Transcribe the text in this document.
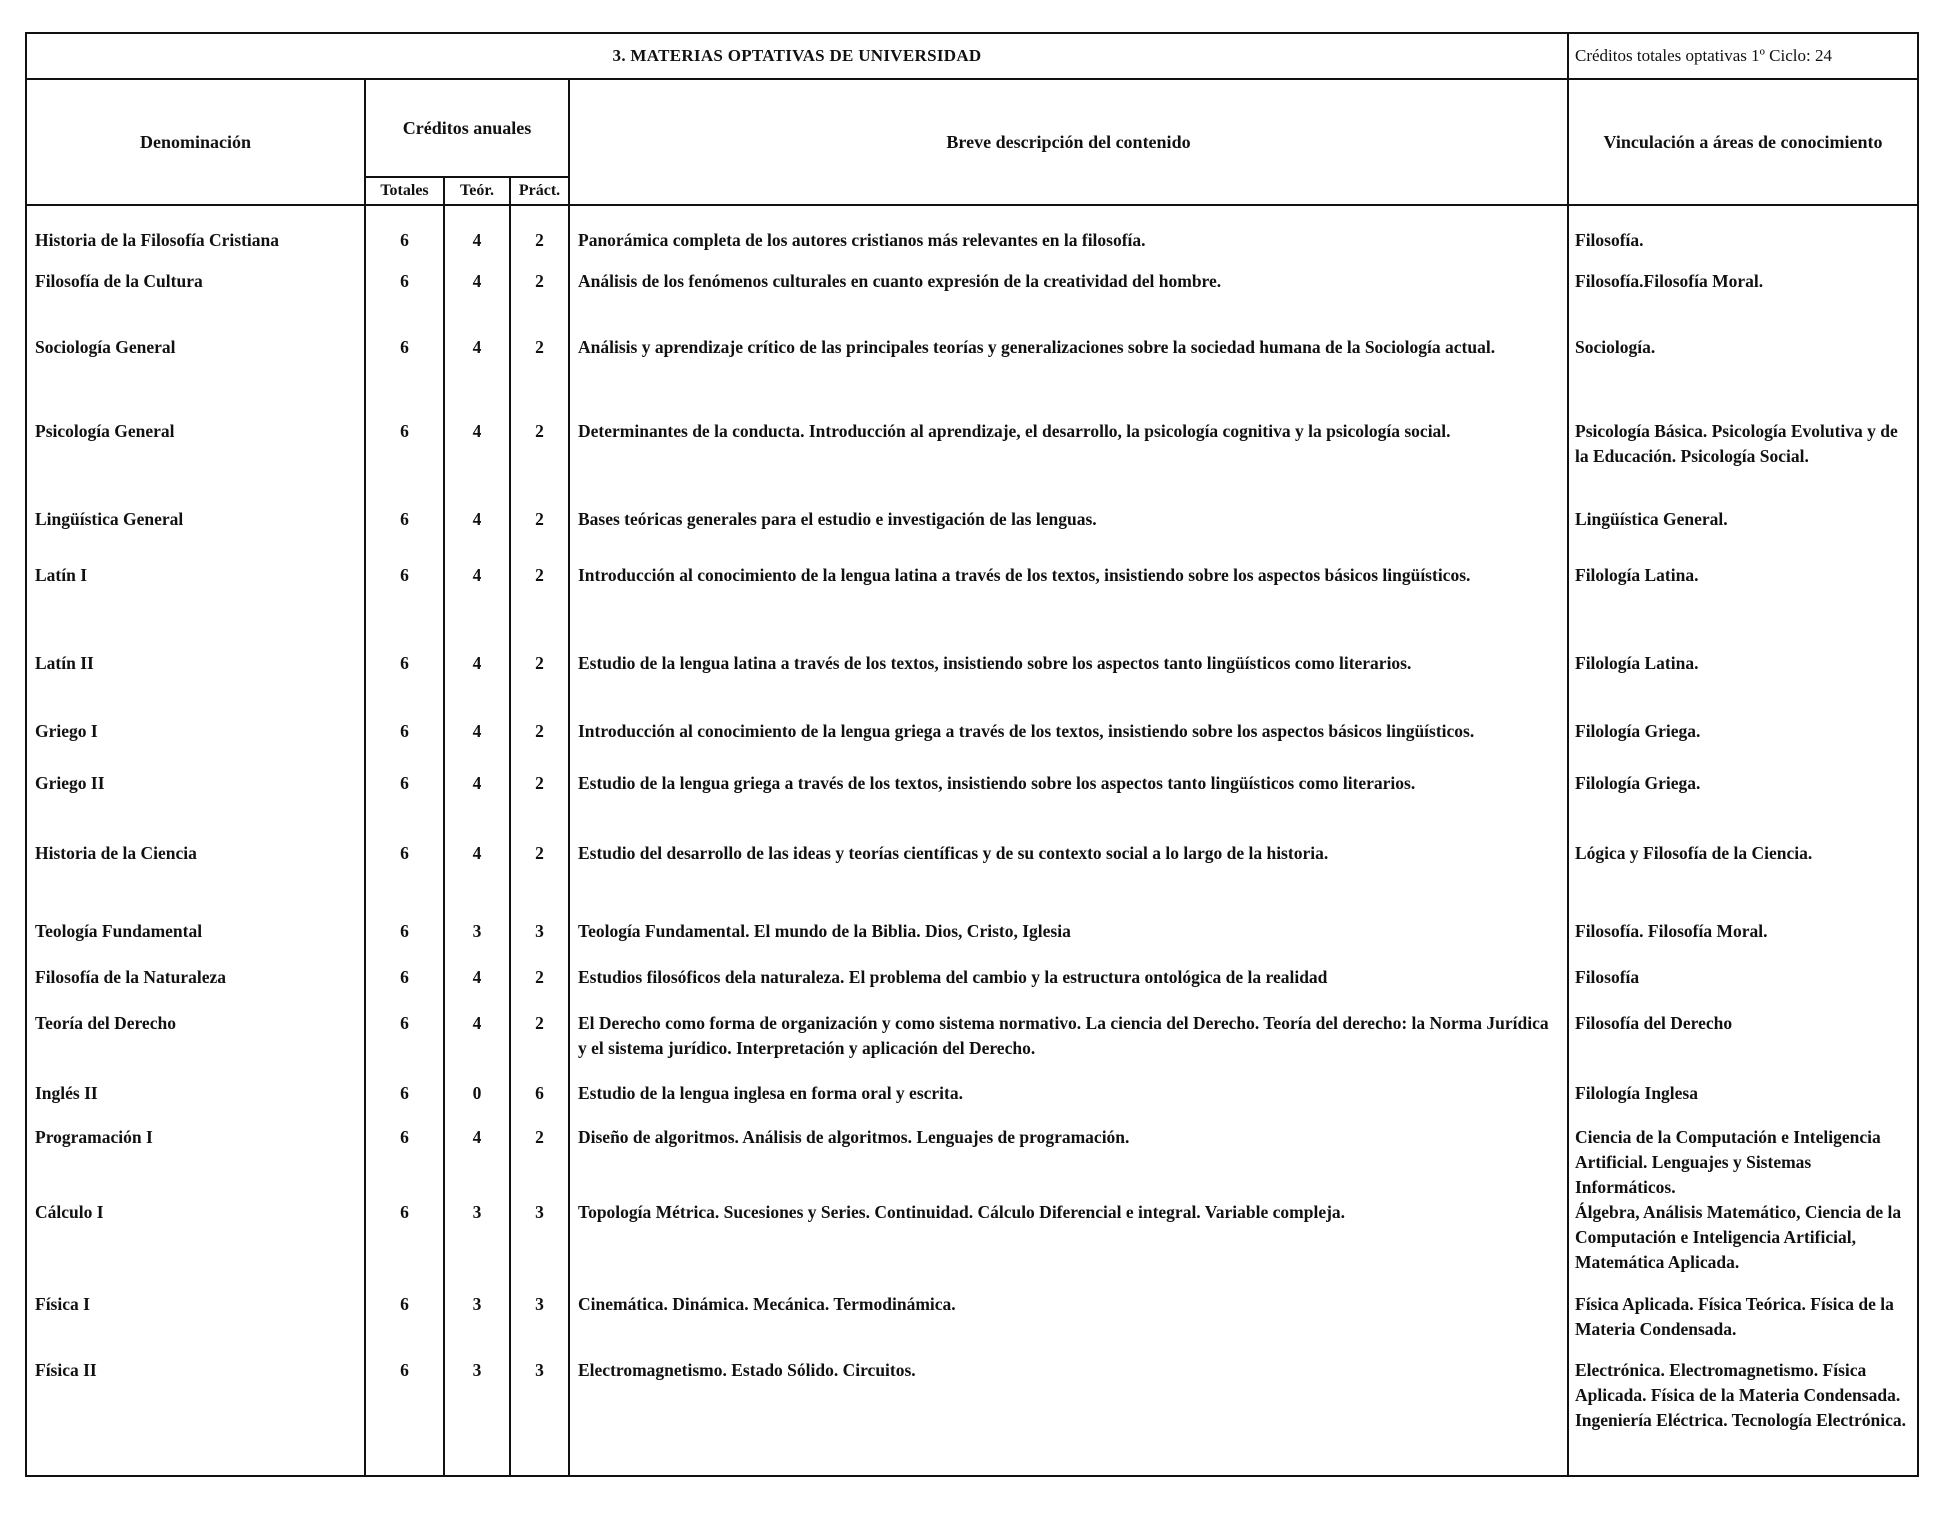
3. MATERIAS OPTATIVAS DE UNIVERSIDAD					Créditos totales optativas 1º Ciclo: 24
Denominación	Créditos anuales			Breve descripción del contenido	Vinculación a áreas de conocimiento
	Totales	Teór.	Práct.		
Historia de la Filosofía Cristiana	6	4	2	Panorámica completa de los autores cristianos más relevantes en la filosofía.	Filosofía.
Filosofía de la Cultura	6	4	2	Análisis de los fenómenos culturales en cuanto expresión de la creatividad del hombre.	Filosofía.Filosofía Moral.
Sociología General	6	4	2	Análisis y aprendizaje crítico de las principales teorías y generalizaciones sobre la sociedad humana de la Sociología actual.	Sociología.
Psicología General	6	4	2	Determinantes de la conducta. Introducción al aprendizaje, el desarrollo, la psicología cognitiva y la psicología social.	Psicología Básica. Psicología Evolutiva y de la Educación. Psicología Social.
Lingüística General	6	4	2	Bases teóricas generales para el estudio e investigación de las lenguas.	Lingüística General.
Latín I	6	4	2	Introducción al conocimiento de la lengua latina a través de los textos, insistiendo sobre los aspectos básicos lingüísticos.	Filología Latina.
Latín II	6	4	2	Estudio de la lengua latina a través de los textos, insistiendo sobre los aspectos tanto lingüísticos como literarios.	Filología Latina.
Griego I	6	4	2	Introducción al conocimiento de la lengua griega a través de los textos, insistiendo sobre los aspectos básicos lingüísticos.	Filología Griega.
Griego II	6	4	2	Estudio de la lengua griega a través de los textos, insistiendo sobre los aspectos tanto lingüísticos como literarios.	Filología Griega.
Historia de la Ciencia	6	4	2	Estudio del desarrollo de las ideas y teorías científicas y de su contexto social a lo largo de la historia.	Lógica y Filosofía de la Ciencia.
Teología Fundamental	6	3	3	Teología Fundamental. El mundo de la Biblia. Dios, Cristo, Iglesia	Filosofía. Filosofía Moral.
Filosofía de la Naturaleza	6	4	2	Estudios filosóficos dela naturaleza. El problema del cambio y la estructura ontológica de la realidad	Filosofía
Teoría del Derecho	6	4	2	El Derecho como forma de organización y como sistema normativo. La ciencia del Derecho. Teoría del derecho: la Norma Jurídica y el sistema jurídico. Interpretación y aplicación del Derecho.	Filosofía del Derecho
Inglés II	6	0	6	Estudio de la lengua inglesa en forma oral y escrita.	Filología Inglesa
Programación I	6	4	2	Diseño de algoritmos. Análisis de algoritmos. Lenguajes de programación.	Ciencia de la Computación e Inteligencia Artificial. Lenguajes y Sistemas Informáticos.
Cálculo I	6	3	3	Topología Métrica. Sucesiones y Series. Continuidad. Cálculo Diferencial e integral. Variable compleja.	Álgebra, Análisis Matemático, Ciencia de la Computación e Inteligencia Artificial, Matemática Aplicada.
Física I	6	3	3	Cinemática. Dinámica. Mecánica. Termodinámica.	Física Aplicada. Física Teórica. Física de la Materia Condensada.
Física II	6	3	3	Electromagnetismo. Estado Sólido. Circuitos.	Electrónica. Electromagnetismo. Física Aplicada. Física de la Materia Condensada. Ingeniería Eléctrica. Tecnología Electrónica.
